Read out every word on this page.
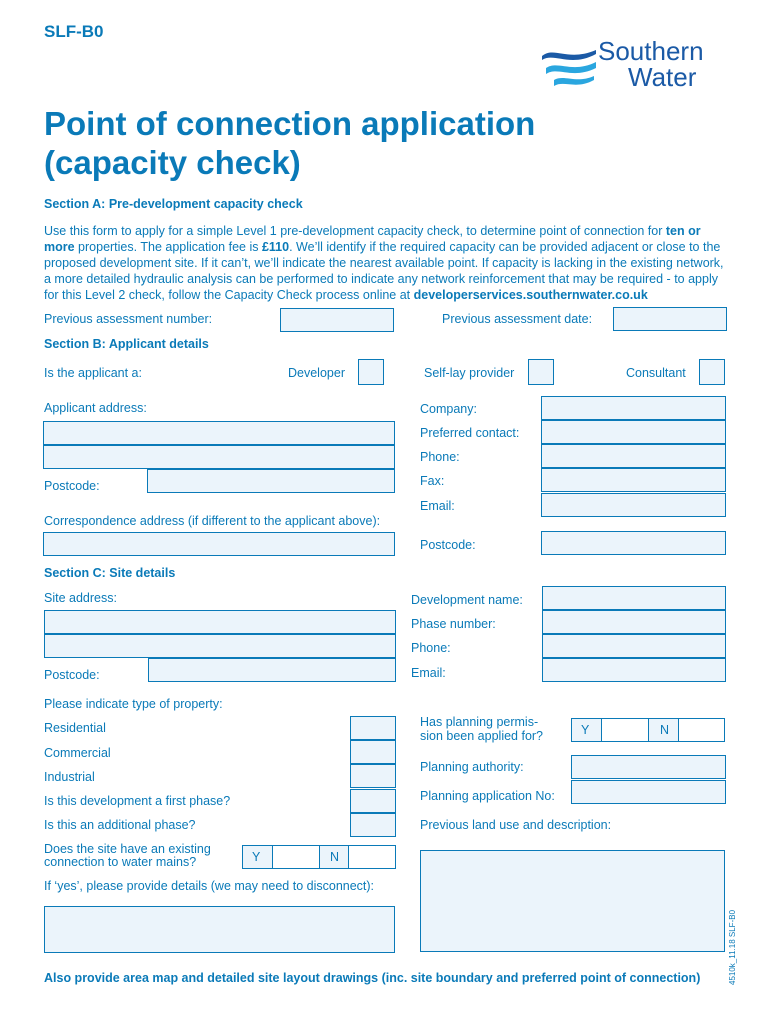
SLF-B0
Southern
Water
Point of connection application
(capacity check)
Section A: Pre-development capacity check
Use this form to apply for a simple Level 1 pre-development capacity check, to determine point of connection for ten or more properties. The application fee is £110. We’ll identify if the required capacity can be provided adjacent or close to the proposed development site. If it can’t, we’ll indicate the nearest available point. If capacity is lacking in the existing network, a more detailed hydraulic analysis can be performed to indicate any network reinforcement that may be required - to apply for this Level 2 check, follow the Capacity Check process online at developerservices.southernwater.co.uk
Previous assessment number:	Previous assessment date:
Section B: Applicant details
Is the applicant a:	Developer	Self-lay provider	Consultant
Applicant address:
Postcode:
Company:
Preferred contact:
Phone:
Fax:
Email:
Correspondence address (if different to the applicant above):
Postcode:
Section C: Site details
Site address:
Postcode:
Development name:
Phase number:
Phone:
Email:
Please indicate type of property:
Residential
Commercial
Industrial
Is this development a first phase?
Is this an additional phase?
Does the site have an existing
connection to water mains?	Y	N
If ‘yes’, please provide details (we may need to disconnect):
Has planning permis-
sion been applied for?	Y	N
Planning authority:
Planning application No:
Previous land use and description:
Also provide area map and detailed site layout drawings (inc. site boundary and preferred point of connection)	4510k_11.18 SLF-B0
